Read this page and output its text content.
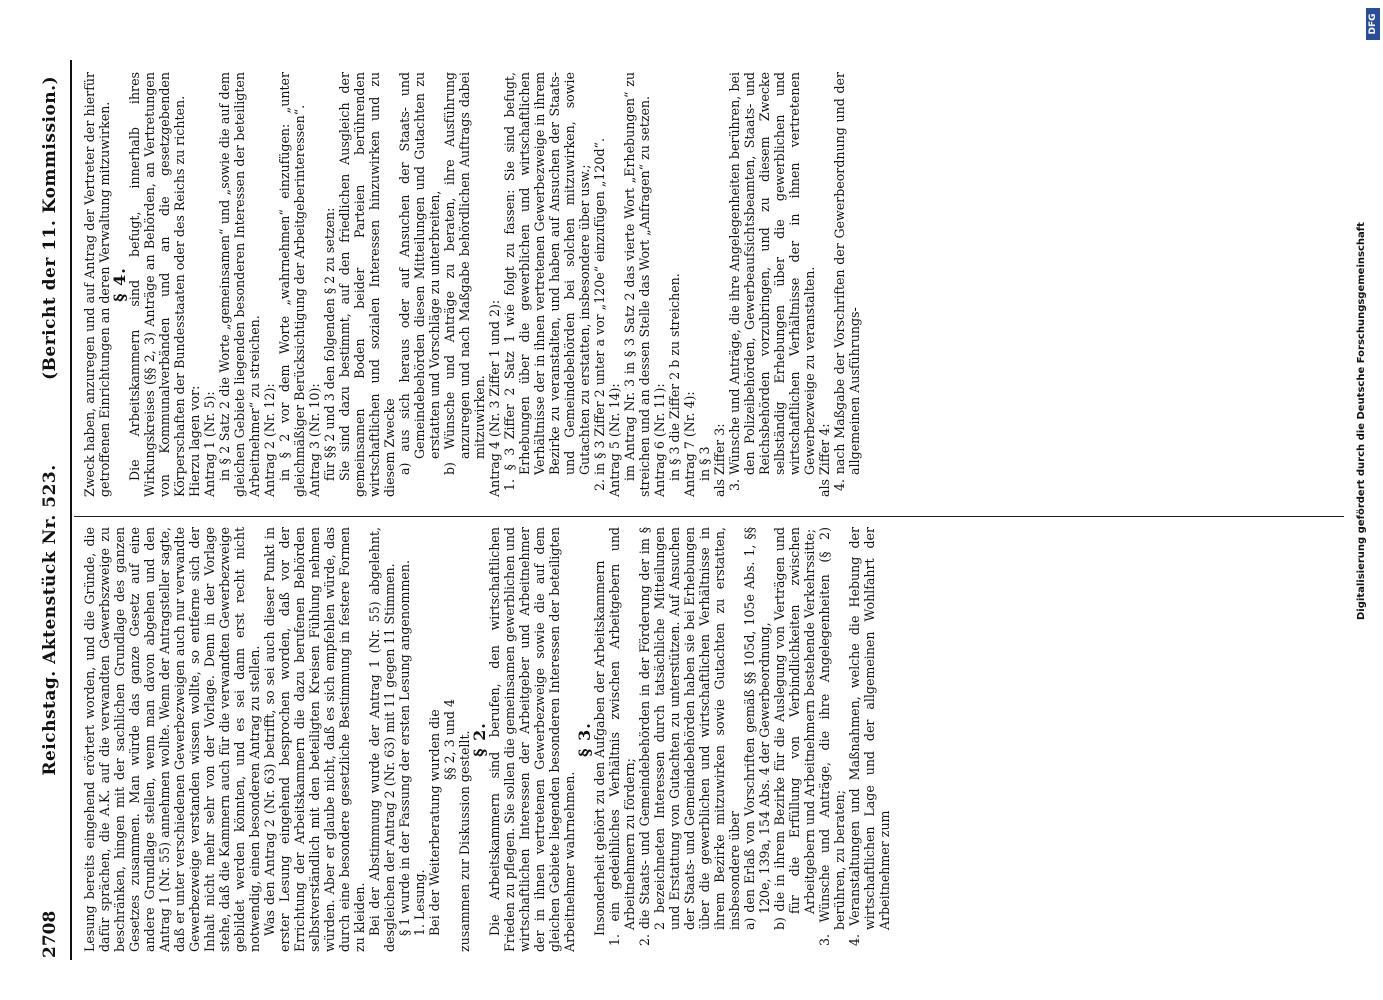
2708
Reichstag. Aktenstück Nr. 523.
(Bericht der 11. Kommission.)

Lesung bereits eingehend erörtert worden, und die Gründe, die dafür sprächen, die A.K. auf die verwandten Gewerbszweige zu beschränken, hingen mit der sachlichen Grundlage des ganzen Gesetzes zusammen. Man würde das ganze Gesetz auf eine andere Grundlage stellen, wenn man davon abgehen und den Antrag 1 (Nr. 55) annehmen wollte. Wenn der Antragsteller sagte, daß er unter verschiedenen Gewerbezweigen auch nur verwandte Gewerbezweige verstanden wissen wollte, so entferne sich der Inhalt nicht mehr sehr von der Vorlage. Denn in der Vorlage stehe, daß die Kammern auch für die verwandten Gewerbezweige gebildet werden könnten, und es sei dann erst recht nicht notwendig, einen besonderen Antrag zu stellen. Was den Antrag 2 (Nr. 63) betrifft, so sei auch dieser Punkt in erster Lesung eingehend besprochen worden, daß vor der Errichtung der Arbeitskammern die dazu berufenen Behörden selbstverständlich mit den beteiligten Kreisen Fühlung nehmen würden. Aber er glaube nicht, daß es sich empfehlen würde, das durch eine besondere gesetzliche Bestimmung in festere Formen zu kleiden. Bei der Abstimmung wurde der Antrag 1 (Nr. 55) abgelehnt, desgleichen der Antrag 2 (Nr. 63) mit 11 gegen 11 Stimmen. § 1 wurde in der Fassung der ersten Lesung angenommen. 1. Lesung. Bei der Weiterberatung wurden die §§ 2, 3 und 4 zusammen zur Diskussion gestellt.

§ 2.

Die Arbeitskammern sind berufen, den wirtschaftlichen Frieden zu pflegen. Sie sollen die gemeinsamen gewerblichen und wirtschaftlichen Interessen der Arbeitgeber und Arbeitnehmer der in ihnen vertretenen Gewerbezweige sowie die auf dem gleichen Gebiete liegenden besonderen Interessen der beteiligten Arbeitnehmer wahrnehmen.

§ 3.

Insonderheit gehört zu den Aufgaben der Arbeitskammern 1. ein gedeihliches Verhältnis zwischen Arbeitgebern und Arbeitnehmern zu fördern; 2. die Staats- und Gemeindebehörden in der Förderung der im § 2 bezeichneten Interessen durch tatsächliche Mitteilungen und Erstattung von Gutachten zu unterstützen. Auf Ansuchen der Staats- und Gemeindebehörden haben sie bei Erhebungen über die gewerblichen und wirtschaftlichen Verhältnisse in ihrem Bezirke mitzuwirken sowie Gutachten zu erstatten, insbesondere über a) den Erlaß von Vorschriften gemäß §§ 105d, 105e Abs. 1, §§ 120e, 139a, 154 Abs. 4 der Gewerbeordnung, b) die in ihrem Bezirke für die Auslegung von Verträgen und für die Erfüllung von Verbindlichkeiten zwischen Arbeitgebern und Arbeitnehmern bestehende Verkehrssitte; 3. Wünsche und Anträge, die ihre Angelegenheiten (§ 2) berühren, zu beraten; 4. Veranstaltungen und Maßnahmen, welche die Hebung der wirtschaftlichen Lage und der allgemeinen Wohlfahrt der Arbeitnehmer zum

Zweck haben, anzuregen und auf Antrag der Vertreter der hierfür getroffenen Einrichtungen an deren Verwaltung mitzuwirken.

§ 4.

Die Arbeitskammern sind befugt, innerhalb ihres Wirkungskreises (§§ 2, 3) Anträge an Behörden, an Vertretungen von Kommunalverbänden und an die gesetzgebenden Körperschaften der Bundesstaaten oder des Reichs zu richten. Hierzu lagen vor: Antrag 1 (Nr. 5): in § 2 Satz 2 die Worte „gemeinsamen“ und „sowie die auf dem gleichen Gebiete liegenden besonderen Interessen der beteiligten Arbeitnehmer“ zu streichen. Antrag 2 (Nr. 12): in § 2 vor dem Worte „wahrnehmen“ einzufügen: „unter gleichmäßiger Berücksichtigung der Arbeitgeberinteressen“. Antrag 3 (Nr. 10): für §§ 2 und 3 den folgenden § 2 zu setzen: Sie sind dazu bestimmt, auf den friedlichen Ausgleich der gemeinsamen Boden beider Parteien berührenden wirtschaftlichen und sozialen Interessen hinzuwirken und zu diesem Zwecke a) aus sich heraus oder auf Ansuchen der Staats- und Gemeindebehörden diesen Mitteilungen und Gutachten zu erstatten und Vorschläge zu unterbreiten, b) Wünsche und Anträge zu beraten, ihre Ausführung anzuregen und nach Maßgabe behördlichen Auftrags dabei mitzuwirken. Antrag 4 (Nr. 3 Ziffer 1 und 2): 1. § 3 Ziffer 2 Satz 1 wie folgt zu fassen: Sie sind befugt, Erhebungen über die gewerblichen und wirtschaftlichen Verhältnisse der in ihnen vertretenen Gewerbezweige in ihrem Bezirke zu veranstalten, und haben auf Ansuchen der Staats- und Gemeindebehörden bei solchen mitzuwirken, sowie Gutachten zu erstatten, insbesondere über usw.; 2. in § 3 Ziffer 2 unter a vor „120e“ einzufügen „120d“. Antrag 5 (Nr. 14): im Antrag Nr. 3 in § 3 Satz 2 das vierte Wort „Erhebungen“ zu streichen und an dessen Stelle das Wort „Anfragen“ zu setzen. Antrag 6 (Nr. 11): in § 3 die Ziffer 2 b zu streichen. Antrag 7 (Nr. 4): in § 3 als Ziffer 3: 3. Wünsche und Anträge, die ihre Angelegenheiten berühren, bei den Polizeibehörden, Gewerbeaufsichtsbeamten, Staats- und Reichsbehörden vorzubringen, und zu diesem Zwecke selbständig Erhebungen über die gewerblichen und wirtschaftlichen Verhältnisse der in ihnen vertretenen Gewerbezweige zu veranstalten. als Ziffer 4: 4. nach Maßgabe der Vorschriften der Gewerbeordnung und der allgemeinen Ausführungs-	Digitalisierung gefördert durch die Deutsche Forschungsgemeinschaft
DFG
